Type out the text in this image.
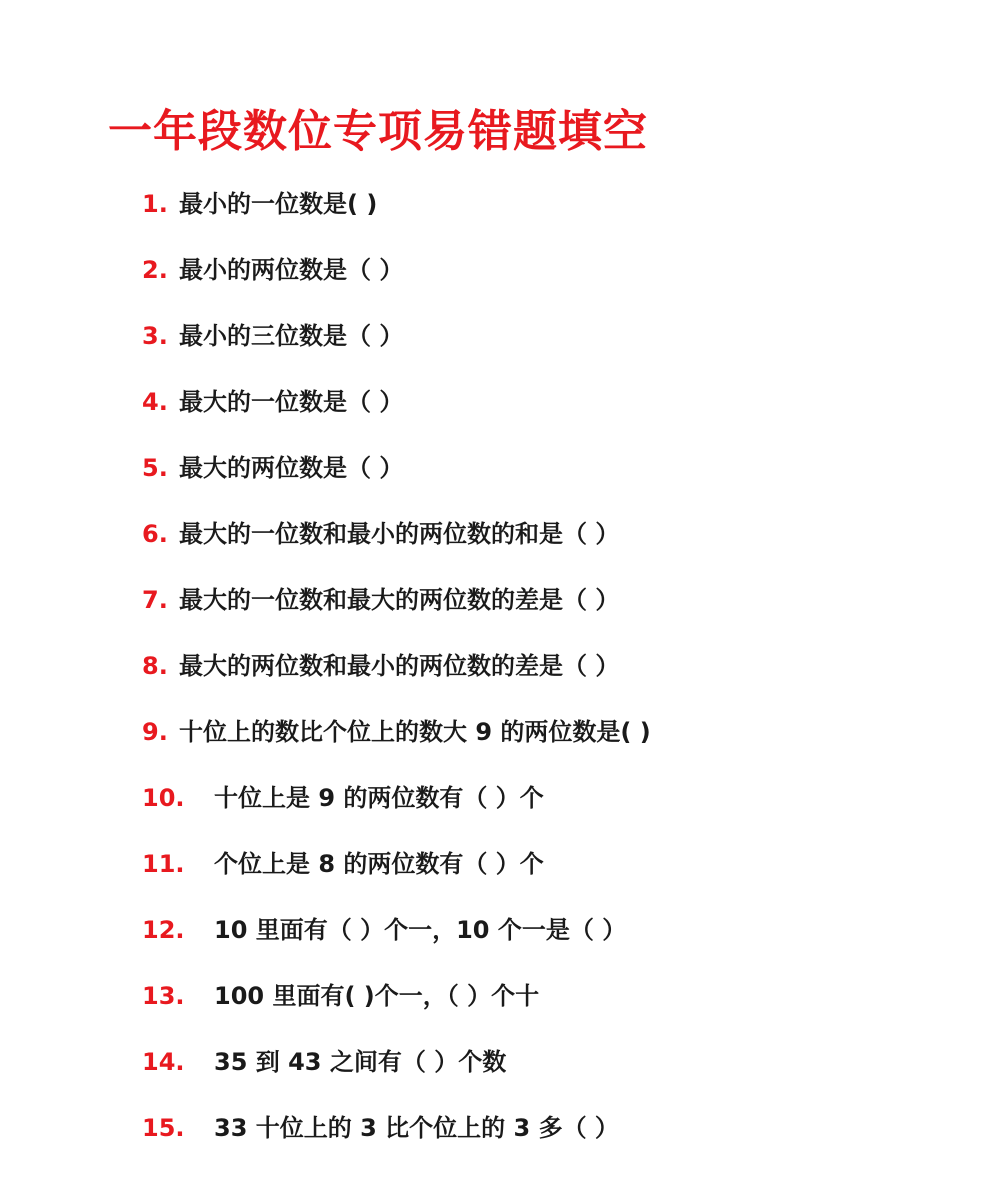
一年段数位专项易错题填空
1. 最小的一位数是( )
2. 最小的两位数是（ ）
3. 最小的三位数是（ ）
4. 最大的一位数是（ ）
5. 最大的两位数是（ ）
6. 最大的一位数和最小的两位数的和是（ ）
7. 最大的一位数和最大的两位数的差是（ ）
8. 最大的两位数和最小的两位数的差是（ ）
9. 十位上的数比个位上的数大 9 的两位数是( )
10. 十位上是 9 的两位数有（ ）个
11. 个位上是 8 的两位数有（ ）个
12. 10 里面有（ ）个一，10 个一是（ ）
13. 100 里面有( )个一，（ ）个十
14. 35 到 43 之间有（ ）个数
15. 33 十位上的 3 比个位上的 3 多（ ）
